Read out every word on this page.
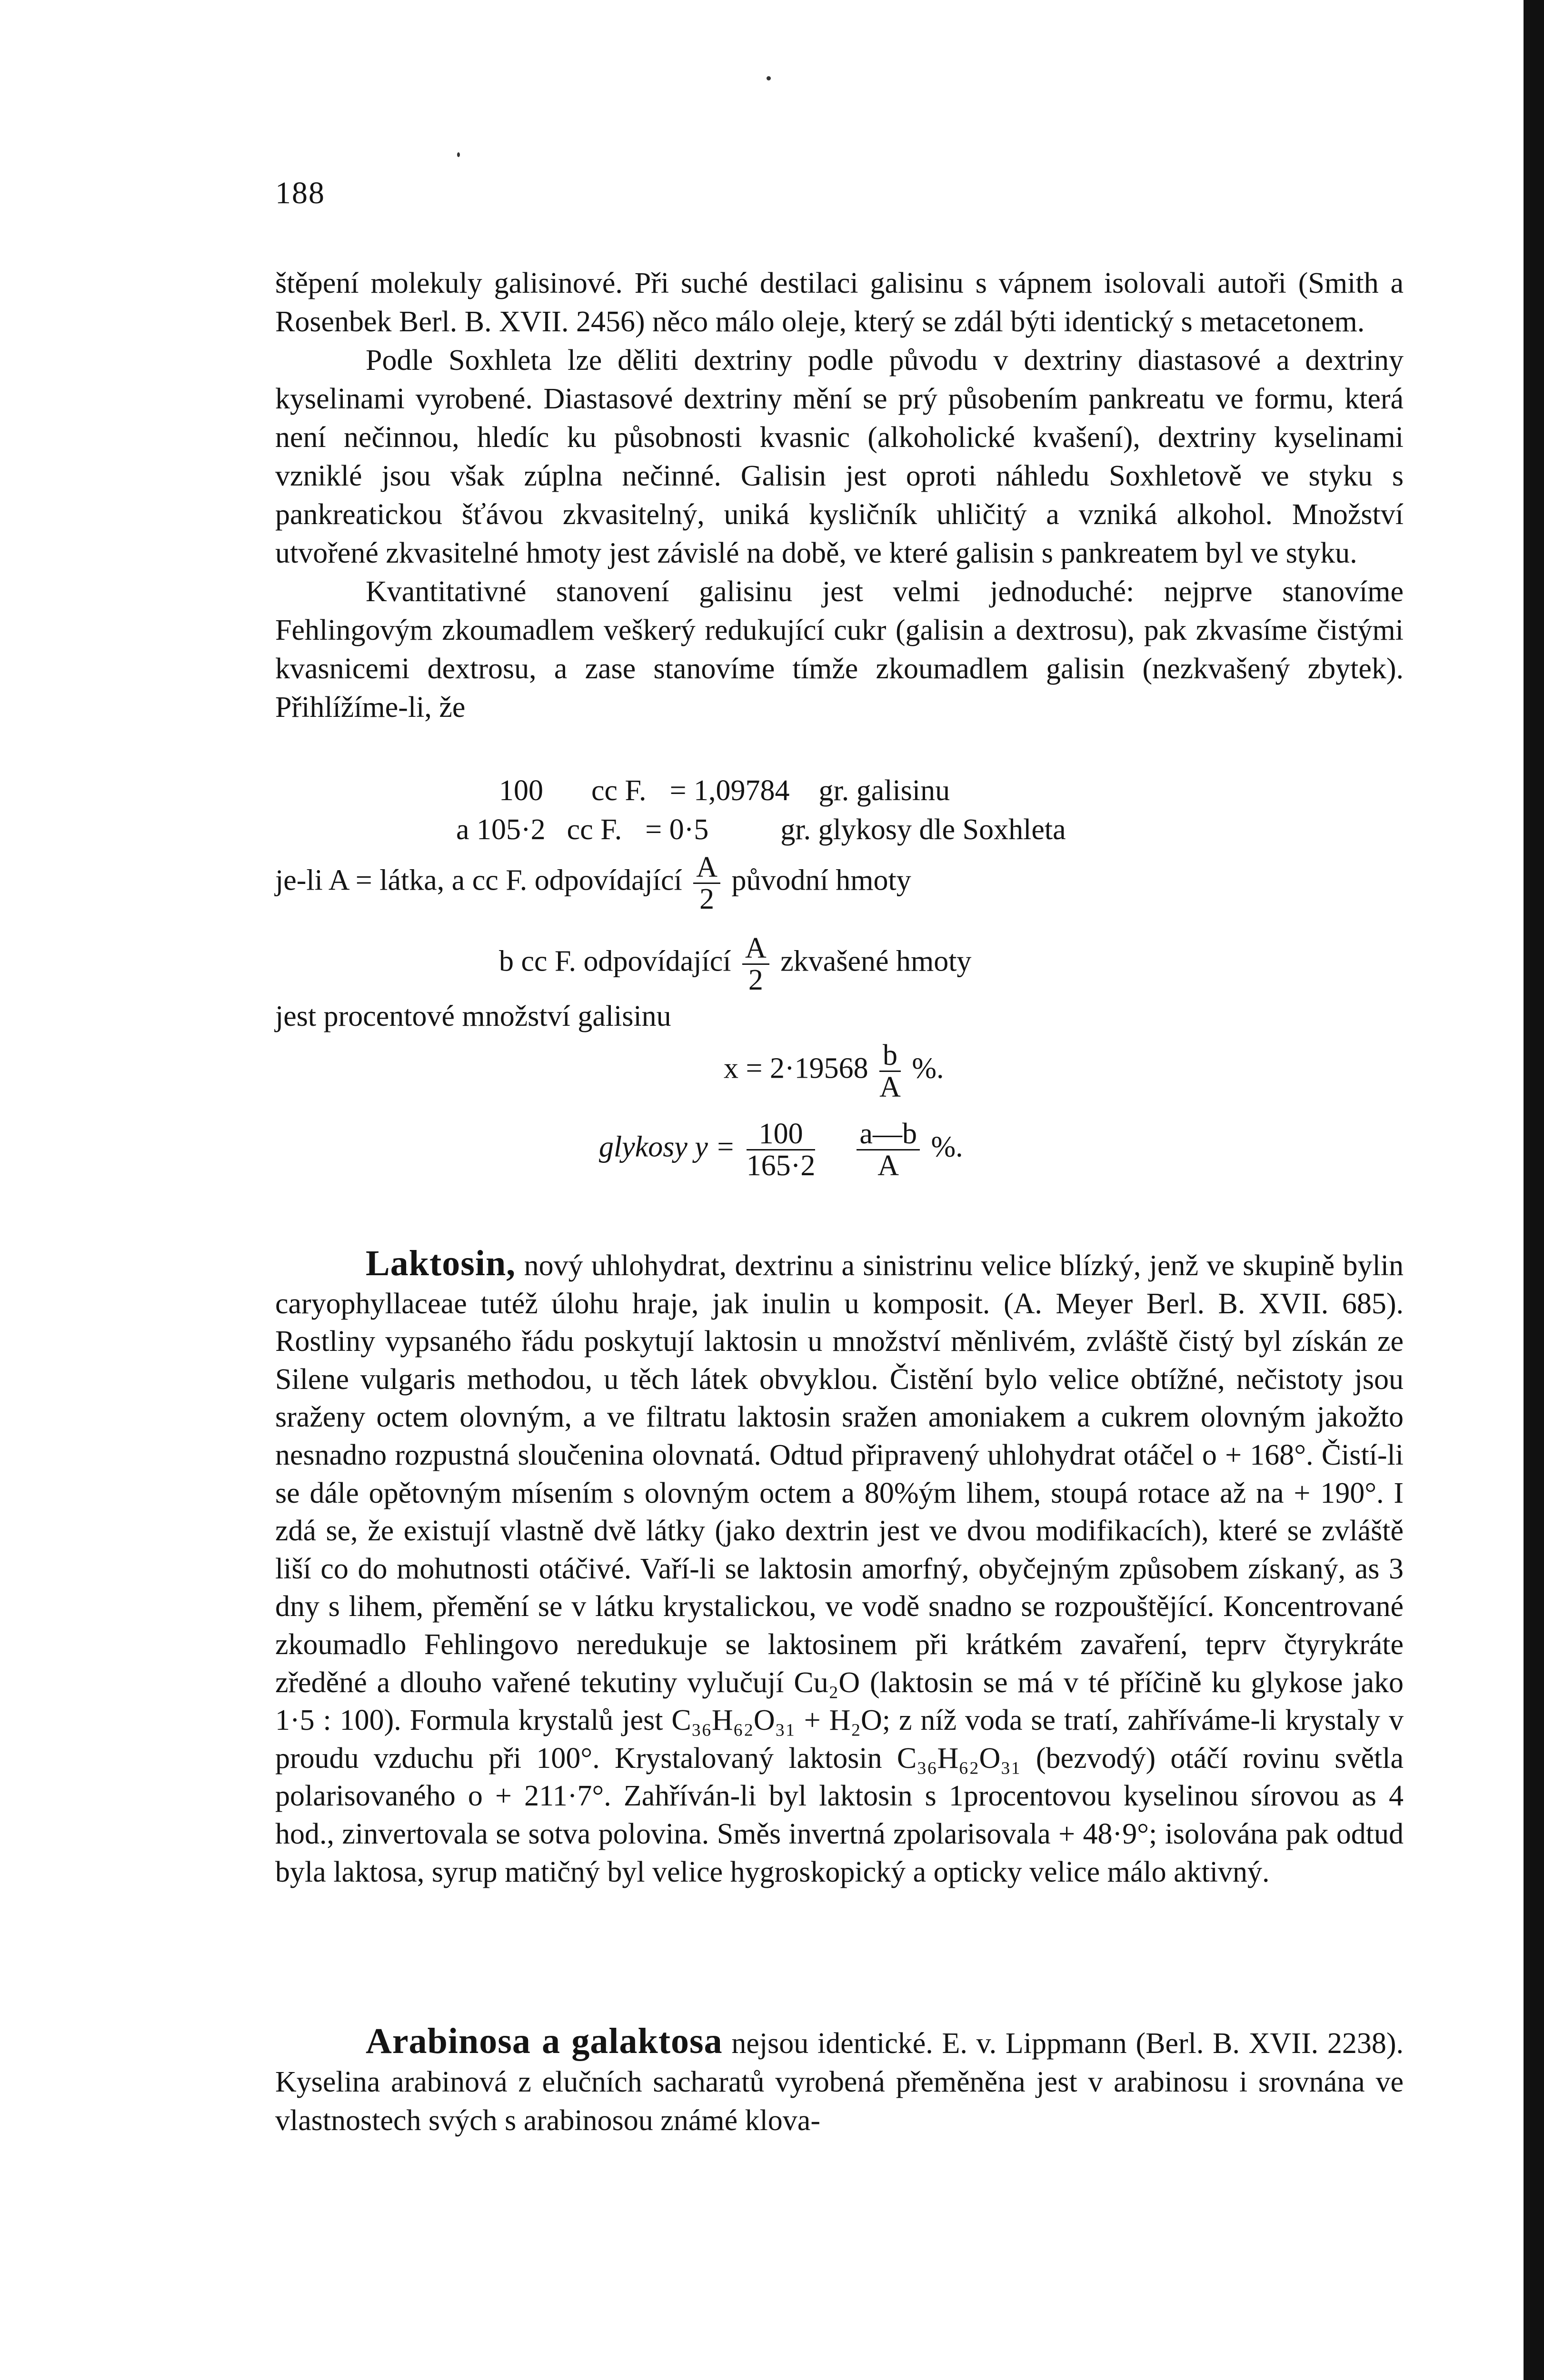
188

štěpení molekuly galisinové. Při suché destilaci galisinu s vápnem isolovali autoři (Smith a Rosenbek Berl. B. XVII. 2456) něco málo oleje, který se zdál býti identický s metacetonem.

Podle Soxhleta lze děliti dextriny podle původu v dextriny diastasové a dextriny kyselinami vyrobené. Diastasové dextriny mění se prý působením pankreatu ve formu, která není nečinnou, hledíc ku působnosti kvasnic (alkoholické kvašení), dextriny kyselinami vzniklé jsou však zúplna nečinné. Galisin jest oproti náhledu Soxhletově ve styku s pankreatickou šťávou zkvasitelný, uniká kysličník uhličitý a vzniká alkohol. Množství utvořené zkvasitelné hmoty jest závislé na době, ve které galisin s pankreatem byl ve styku.

Kvantitativné stanovení galisinu jest velmi jednoduché: nejprve stanovíme Fehlingovým zkoumadlem veškerý redukující cukr (galisin a dextrosu), pak zkvasíme čistými kvasnicemi dextrosu, a zase stanovíme tímže zkoumadlem galisin (nezkvašený zbytek). Přihlížíme-li, že

100 cc F. = 1,09784 gr. galisinu
a 105·2 cc F. = 0·5 gr. glykosy dle Soxhleta
je-li A = látka, a cc F. odpovídající $\frac{A}{2}$ původní hmoty
b cc F. odpovídající $\frac{A}{2}$ zkvašené hmoty
jest procentové množství galisinu
$x = 2\cdot 19568 \frac{b}{A}$ %.
glykosy $y = \frac{100}{165\cdot 2}$
$\frac{a—b}{A}$ %.

Laktosin, nový uhlohydrat, dextrinu a sinistrinu velice blízký, jenž ve skupině bylin caryophyllaceae tutéž úlohu hraje, jak inulin u komposit. (A. Meyer Berl. B. XVII. 685). Rostliny vypsaného řádu poskytují laktosin u množství měnlivém, zvláště čistý byl získán ze Silene vulgaris methodou, u těch látek obvyklou. Čistění bylo velice obtížné, nečistoty jsou sraženy octem olovným, a ve filtratu laktosin sražen amoniakem a cukrem olovným jakožto nesnadno rozpustná sloučenina olovnatá. Odtud připravený uhlohydrat otáčel o + 168°. Čistí-li se dále opětovným mísením s olovným octem a 80%ým lihem, stoupá rotace až na + 190°. I zdá se, že existují vlastně dvě látky (jako dextrin jest ve dvou modifikacích), které se zvláště liší co do mohutnosti otáčivé. Vaří-li se laktosin amorfný, obyčejným způsobem získaný, as 3 dny s lihem, přemění se v látku krystalickou, ve vodě snadno se rozpouštějící. Koncentrované zkoumadlo Fehlingovo neredukuje se laktosinem při krátkém zavaření, teprv čtyrykráte zředěné a dlouho vařené tekutiny vylučují Cu₂O (laktosin se má v té příčině ku glykose jako 1·5 : 100). Formula krystalů jest C₃₆H₆₂O₃₁ + H₂O; z níž voda se tratí, zahříváme-li krystaly v proudu vzduchu při 100°. Krystalovaný laktosin C₃₆H₆₂O₃₁ (bezvodý) otáčí rovinu světla polarisovaného o + 211·7°. Zahříván-li byl laktosin s 1procentovou kyselinou sírovou as 4 hod., zinvertovala se sotva polovina. Směs invertná zpolarisovala + 48·9°; isolována pak odtud byla laktosa, syrup matičný byl velice hygroskopický a opticky velice málo aktivný.

Arabinosa a galaktosa nejsou identické. E. v. Lippmann (Berl. B. XVII. 2238). Kyselina arabinová z elučních sacharatů vyrobená přeměněna jest v arabinosu i srovnána ve vlastnostech svých s arabinosou známé klova-
